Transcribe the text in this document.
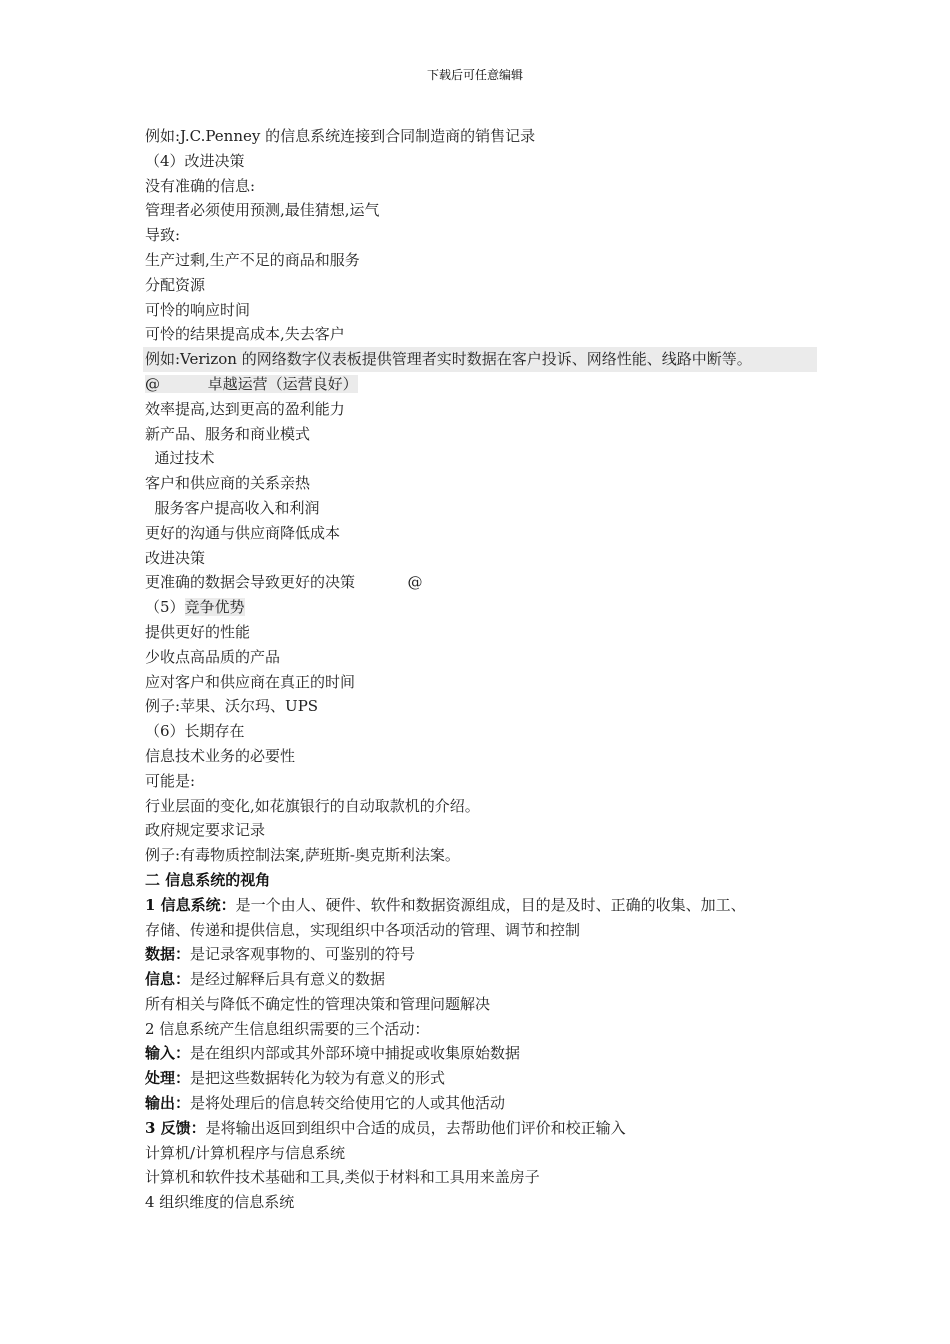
下载后可任意编辑
例如:J.C.Penney 的信息系统连接到合同制造商的销售记录
（4）改进决策
没有准确的信息:
管理者必须使用预测,最佳猜想,运气
导致:
生产过剩,生产不足的商品和服务
分配资源
可怜的响应时间
可怜的结果提高成本,失去客户
例如:Verizon 的网络数字仪表板提供管理者实时数据在客户投诉、网络性能、线路中断等。
@          卓越运营（运营良好）
效率提高,达到更高的盈利能力
新产品、服务和商业模式
通过技术
客户和供应商的关系亲热
服务客户提高收入和利润
更好的沟通与供应商降低成本
改进决策
更准确的数据会导致更好的决策           @
（5）竞争优势
提供更好的性能
少收点高品质的产品
应对客户和供应商在真正的时间
例子:苹果、沃尔玛、UPS
（6）长期存在
信息技术业务的必要性
可能是:
行业层面的变化,如花旗银行的自动取款机的介绍。
政府规定要求记录
例子:有毒物质控制法案,萨班斯-奥克斯利法案。
二 信息系统的视角
1 信息系统：是一个由人、硬件、软件和数据资源组成，目的是及时、正确的收集、加工、
存储、传递和提供信息，实现组织中各项活动的管理、调节和控制
数据：是记录客观事物的、可鉴别的符号
信息：是经过解释后具有意义的数据
所有相关与降低不确定性的管理决策和管理问题解决
2 信息系统产生信息组织需要的三个活动：
输入：是在组织内部或其外部环境中捕捉或收集原始数据
处理：是把这些数据转化为较为有意义的形式
输出：是将处理后的信息转交给使用它的人或其他活动
3 反馈：是将输出返回到组织中合适的成员，去帮助他们评价和校正输入
计算机/计算机程序与信息系统
计算机和软件技术基础和工具,类似于材料和工具用来盖房子
4 组织维度的信息系统
